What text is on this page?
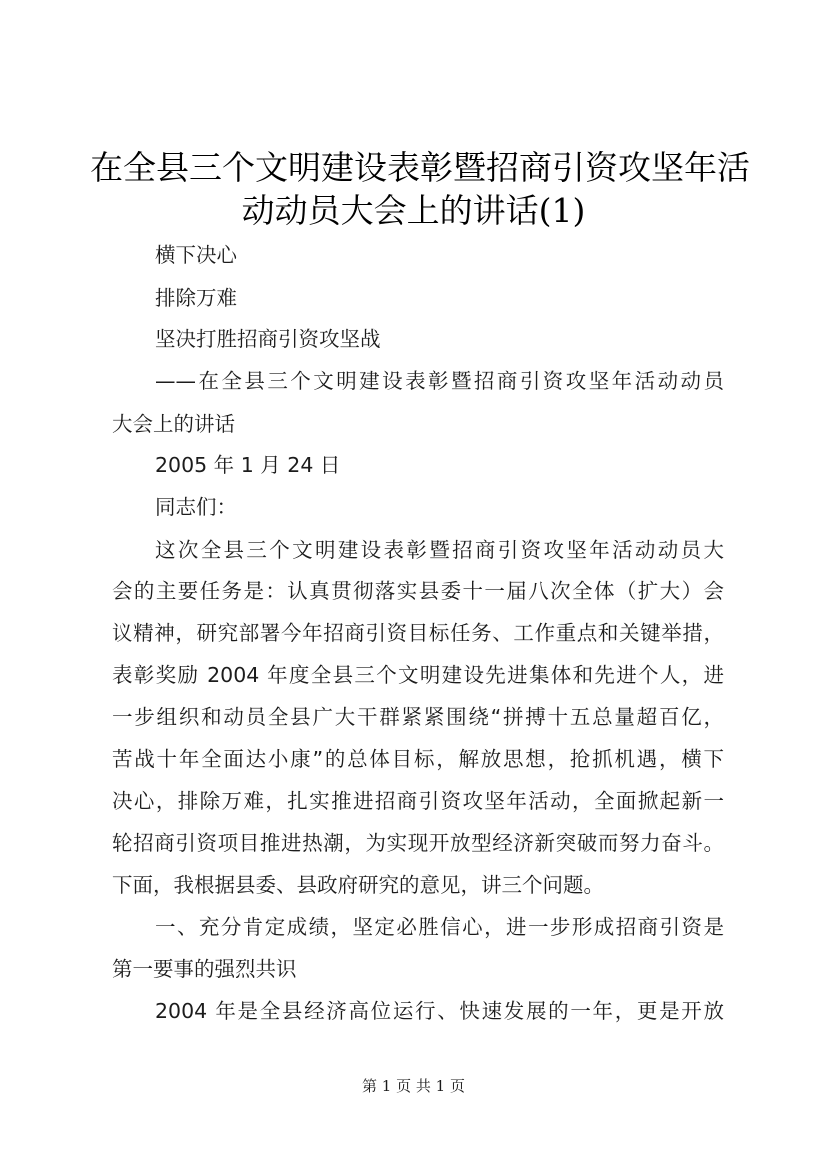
在全县三个文明建设表彰暨招商引资攻坚年活
动动员大会上的讲话(1)
横下决心
排除万难
坚决打胜招商引资攻坚战
——在全县三个文明建设表彰暨招商引资攻坚年活动动员
大会上的讲话
2005 年 1 月 24 日
同志们：
这次全县三个文明建设表彰暨招商引资攻坚年活动动员大
会的主要任务是：认真贯彻落实县委十一届八次全体（扩大）会
议精神，研究部署今年招商引资目标任务、工作重点和关键举措，
表彰奖励 2004 年度全县三个文明建设先进集体和先进个人，进
一步组织和动员全县广大干群紧紧围绕“拼搏十五总量超百亿，
苦战十年全面达小康”的总体目标，解放思想，抢抓机遇，横下
决心，排除万难，扎实推进招商引资攻坚年活动，全面掀起新一
轮招商引资项目推进热潮，为实现开放型经济新突破而努力奋斗。
下面，我根据县委、县政府研究的意见，讲三个问题。
一、充分肯定成绩，坚定必胜信心，进一步形成招商引资是
第一要事的强烈共识
2004 年是全县经济高位运行、快速发展的一年，更是开放
第 1 页 共 1 页
